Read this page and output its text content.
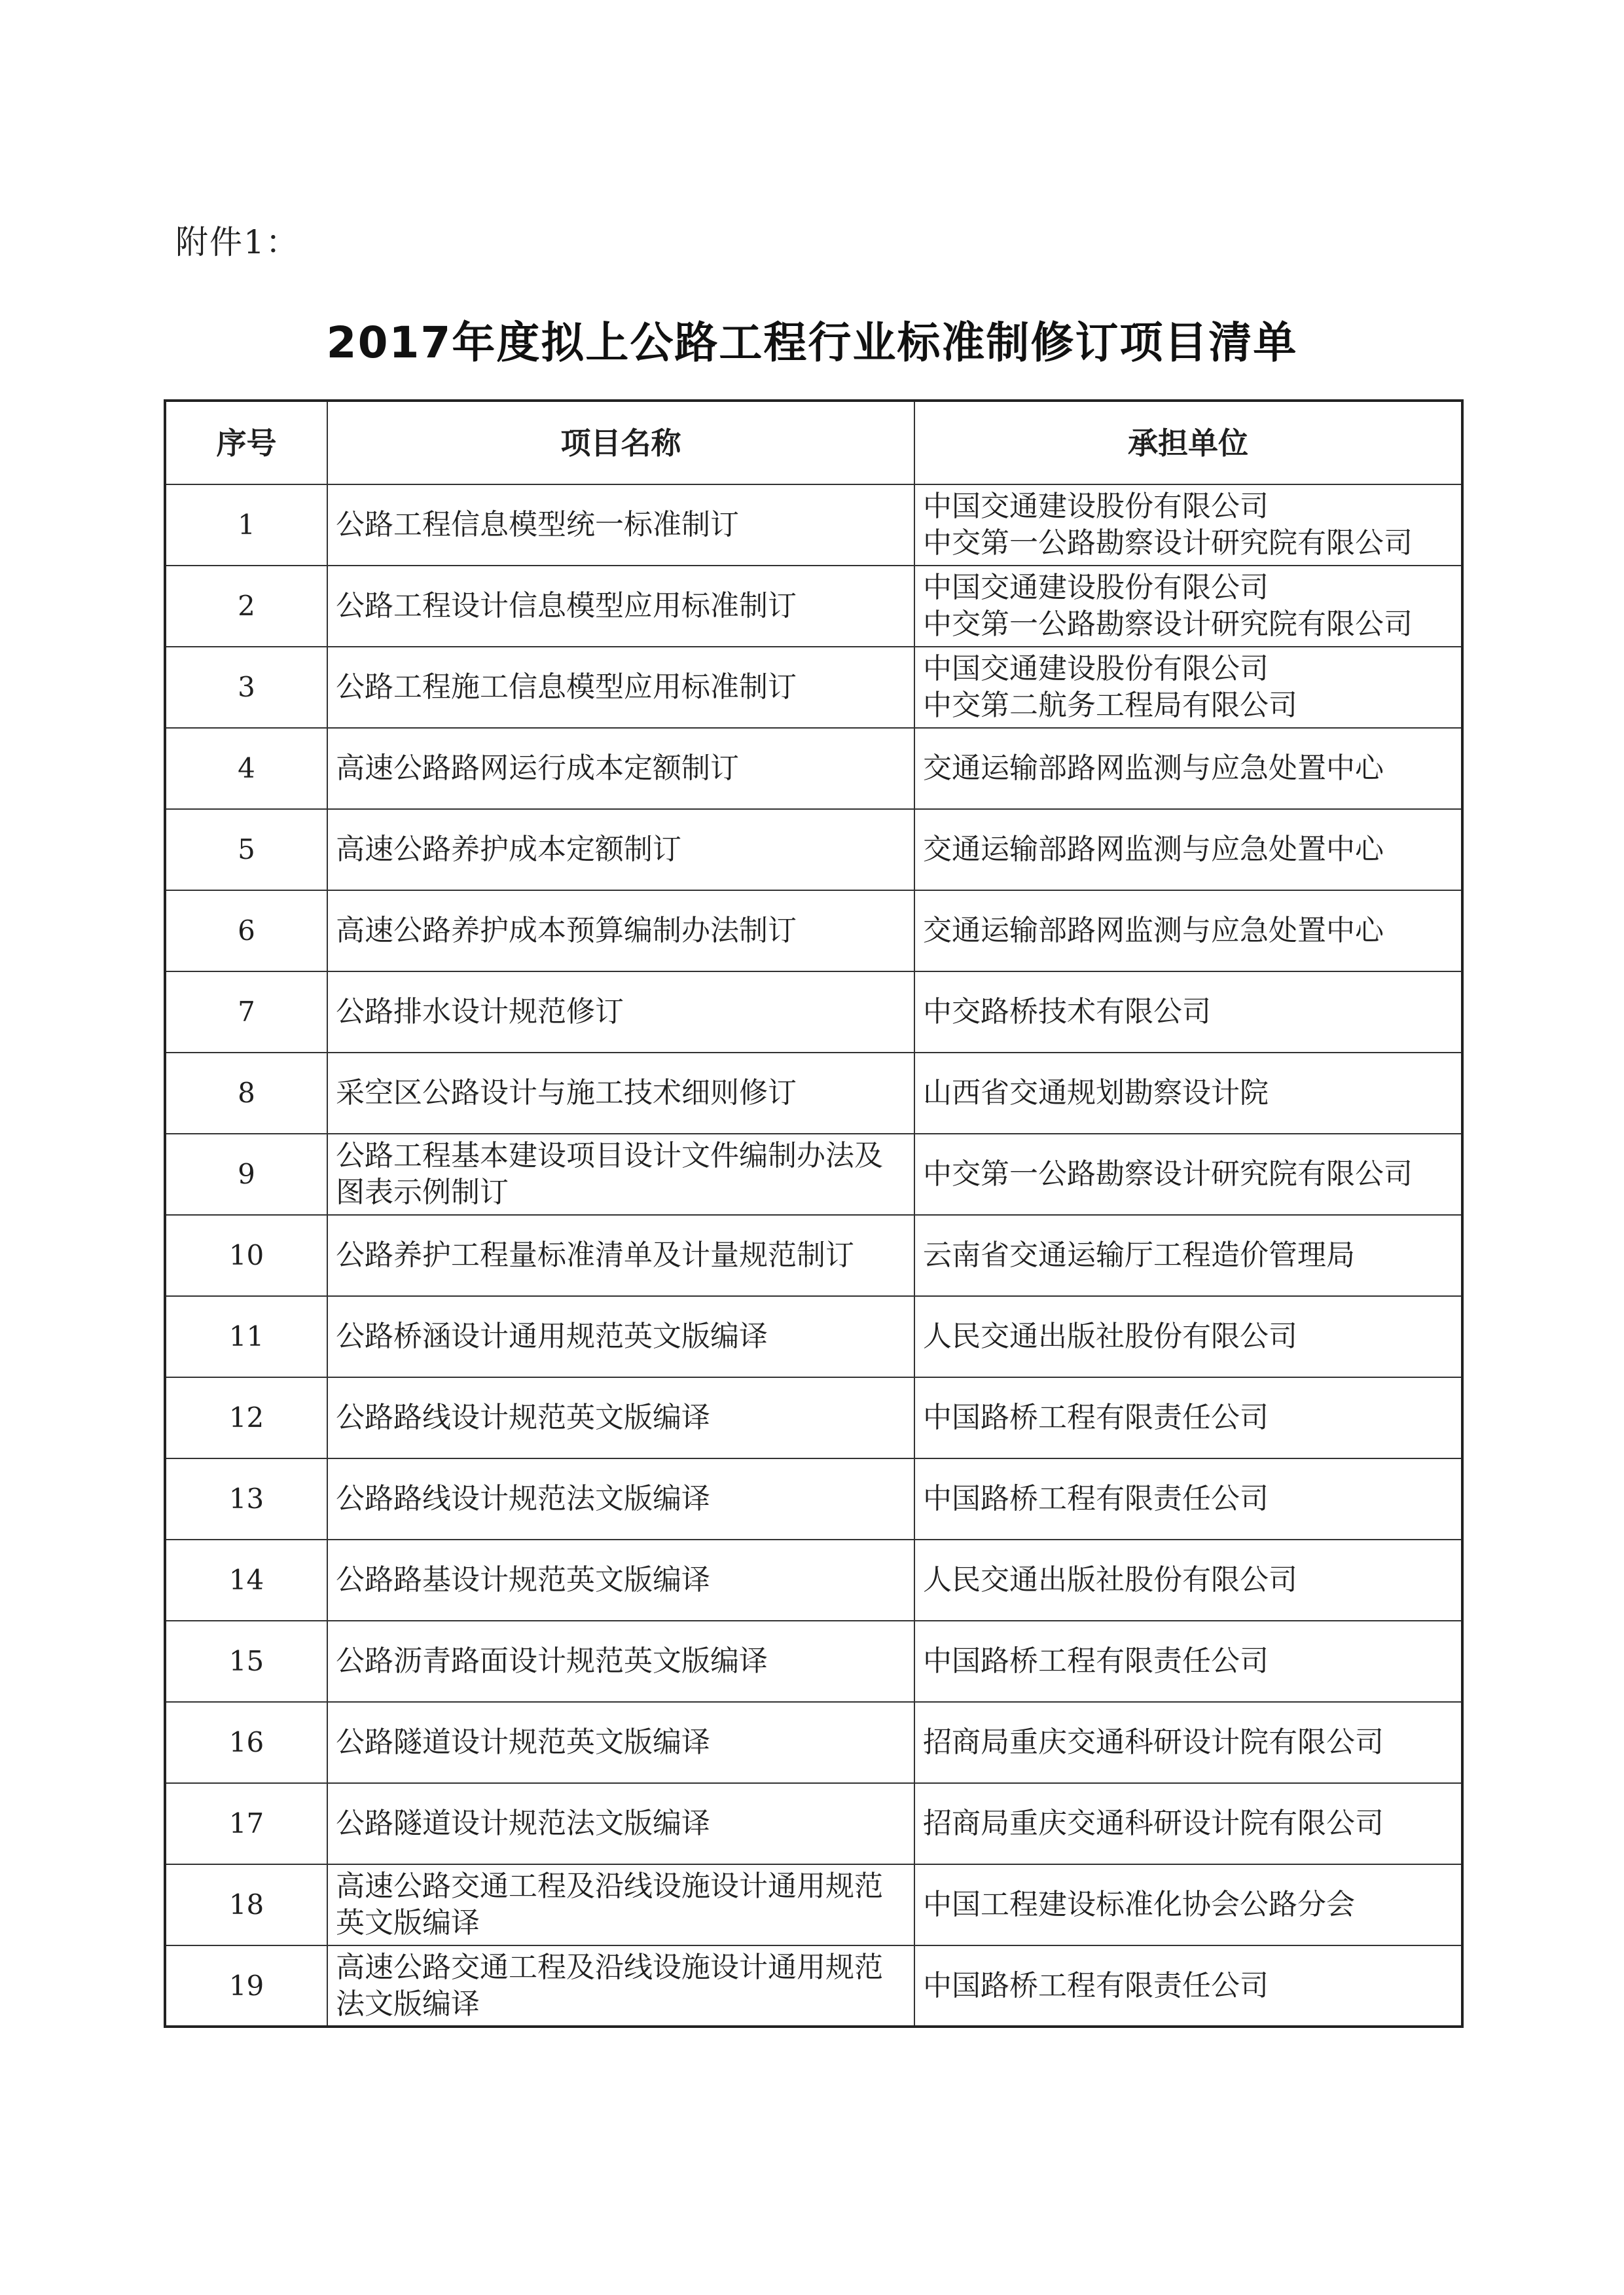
附件1：
2017年度拟上公路工程行业标准制修订项目清单
序号	项目名称	承担单位
1	公路工程信息模型统一标准制订	中国交通建设股份有限公司
中交第一公路勘察设计研究院有限公司

2	公路工程设计信息模型应用标准制订	中国交通建设股份有限公司
中交第一公路勘察设计研究院有限公司

3	公路工程施工信息模型应用标准制订	中国交通建设股份有限公司
中交第二航务工程局有限公司

4	高速公路路网运行成本定额制订	交通运输部路网监测与应急处置中心

5	高速公路养护成本定额制订	交通运输部路网监测与应急处置中心

6	高速公路养护成本预算编制办法制订	交通运输部路网监测与应急处置中心

7	公路排水设计规范修订	中交路桥技术有限公司

8	采空区公路设计与施工技术细则修订	山西省交通规划勘察设计院

9	公路工程基本建设项目设计文件编制办法及
图表示例制订	中交第一公路勘察设计研究院有限公司

10	公路养护工程量标准清单及计量规范制订	云南省交通运输厅工程造价管理局

11	公路桥涵设计通用规范英文版编译	人民交通出版社股份有限公司

12	公路路线设计规范英文版编译	中国路桥工程有限责任公司

13	公路路线设计规范法文版编译	中国路桥工程有限责任公司

14	公路路基设计规范英文版编译	人民交通出版社股份有限公司

15	公路沥青路面设计规范英文版编译	中国路桥工程有限责任公司

16	公路隧道设计规范英文版编译	招商局重庆交通科研设计院有限公司

17	公路隧道设计规范法文版编译	招商局重庆交通科研设计院有限公司

18	高速公路交通工程及沿线设施设计通用规范
英文版编译	中国工程建设标准化协会公路分会

19	高速公路交通工程及沿线设施设计通用规范
法文版编译	中国路桥工程有限责任公司
